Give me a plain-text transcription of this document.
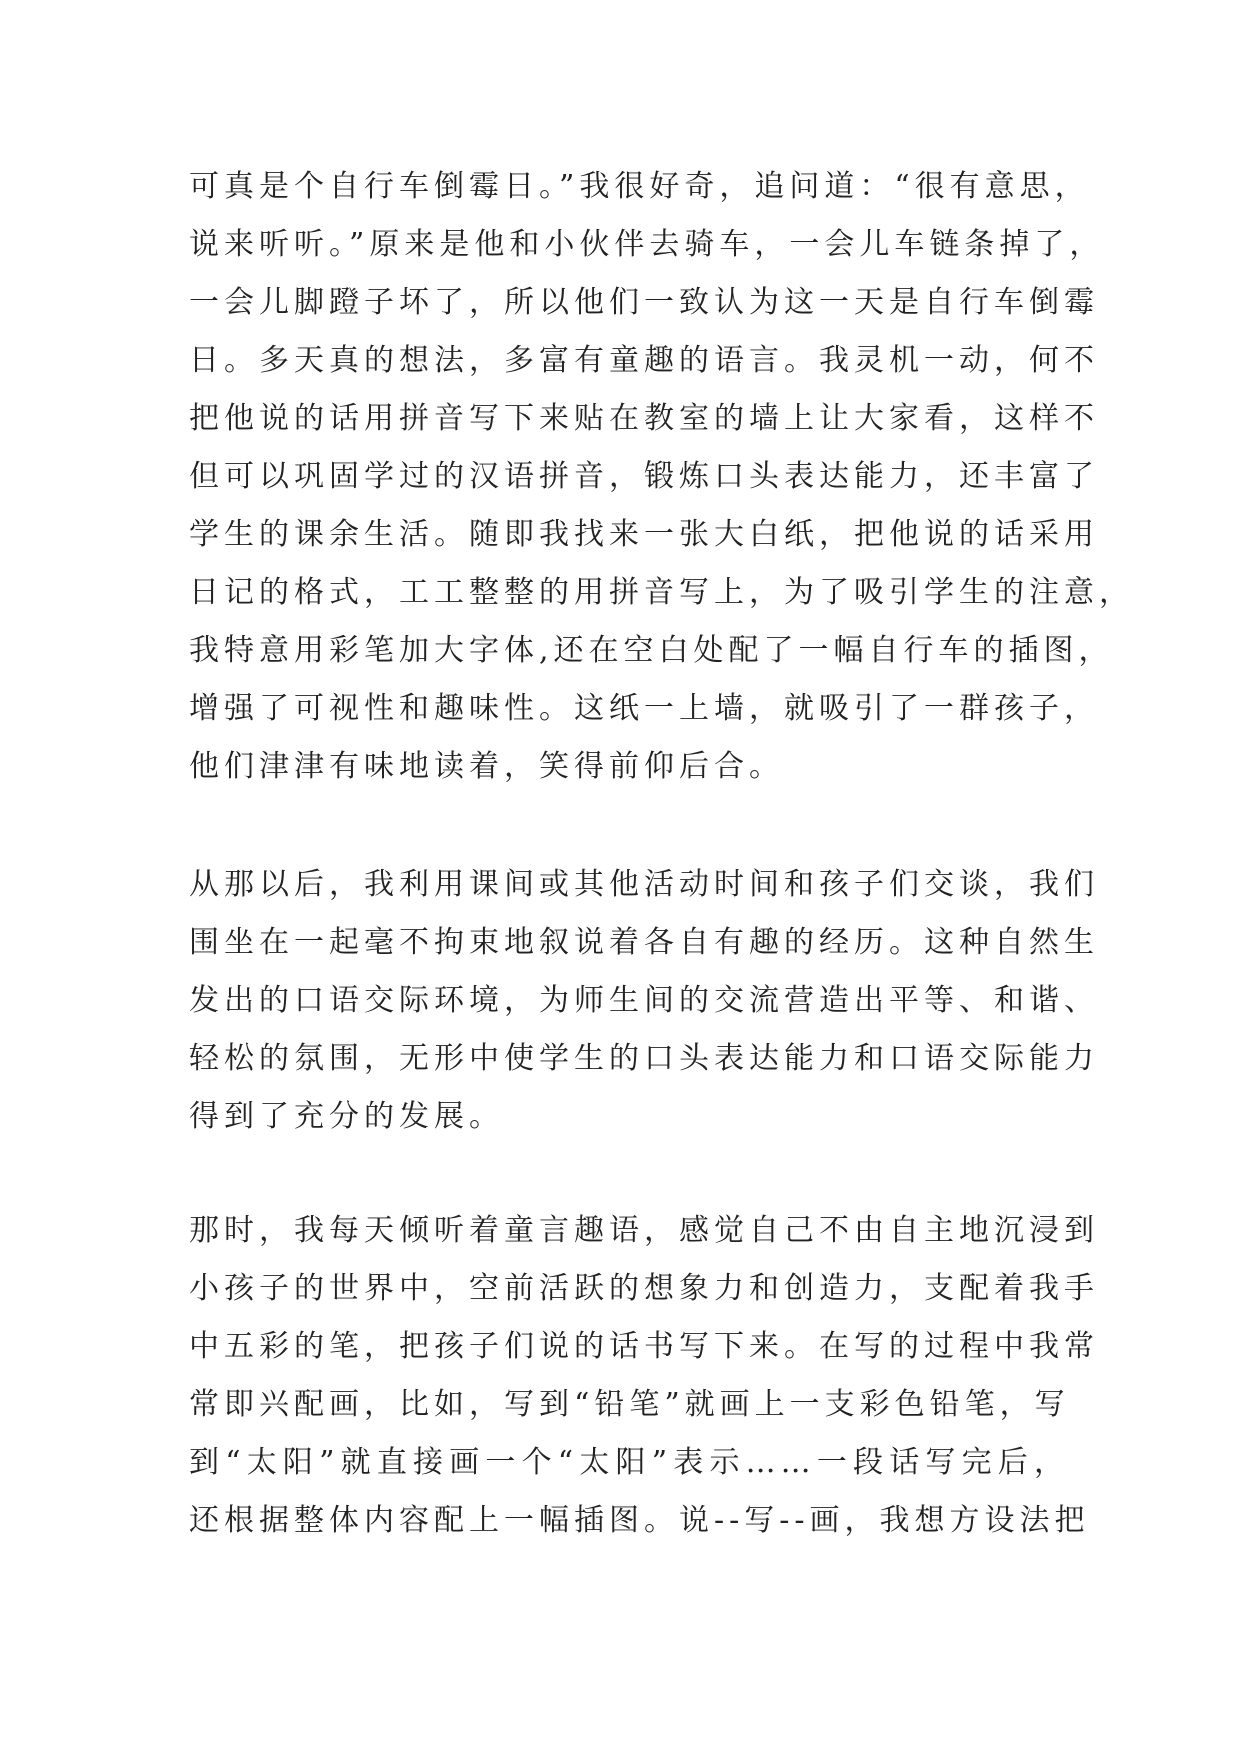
可真是个自行车倒霉日。”我很好奇，追问道：“很有意思，
说来听听。”原来是他和小伙伴去骑车，一会儿车链条掉了，
一会儿脚蹬子坏了，所以他们一致认为这一天是自行车倒霉
日。多天真的想法，多富有童趣的语言。我灵机一动，何不
把他说的话用拼音写下来贴在教室的墙上让大家看，这样不
但可以巩固学过的汉语拼音，锻炼口头表达能力，还丰富了
学生的课余生活。随即我找来一张大白纸，把他说的话采用
日记的格式，工工整整的用拼音写上，为了吸引学生的注意，
我特意用彩笔加大字体,还在空白处配了一幅自行车的插图，
增强了可视性和趣味性。这纸一上墙，就吸引了一群孩子，
他们津津有味地读着，笑得前仰后合。
从那以后，我利用课间或其他活动时间和孩子们交谈，我们
围坐在一起毫不拘束地叙说着各自有趣的经历。这种自然生
发出的口语交际环境，为师生间的交流营造出平等、和谐、
轻松的氛围，无形中使学生的口头表达能力和口语交际能力
得到了充分的发展。
那时，我每天倾听着童言趣语，感觉自己不由自主地沉浸到
小孩子的世界中，空前活跃的想象力和创造力，支配着我手
中五彩的笔，把孩子们说的话书写下来。在写的过程中我常
常即兴配画，比如，写到“铅笔”就画上一支彩色铅笔，写
到“太阳”就直接画一个“太阳”表示……一段话写完后，
还根据整体内容配上一幅插图。说--写--画，我想方设法把
